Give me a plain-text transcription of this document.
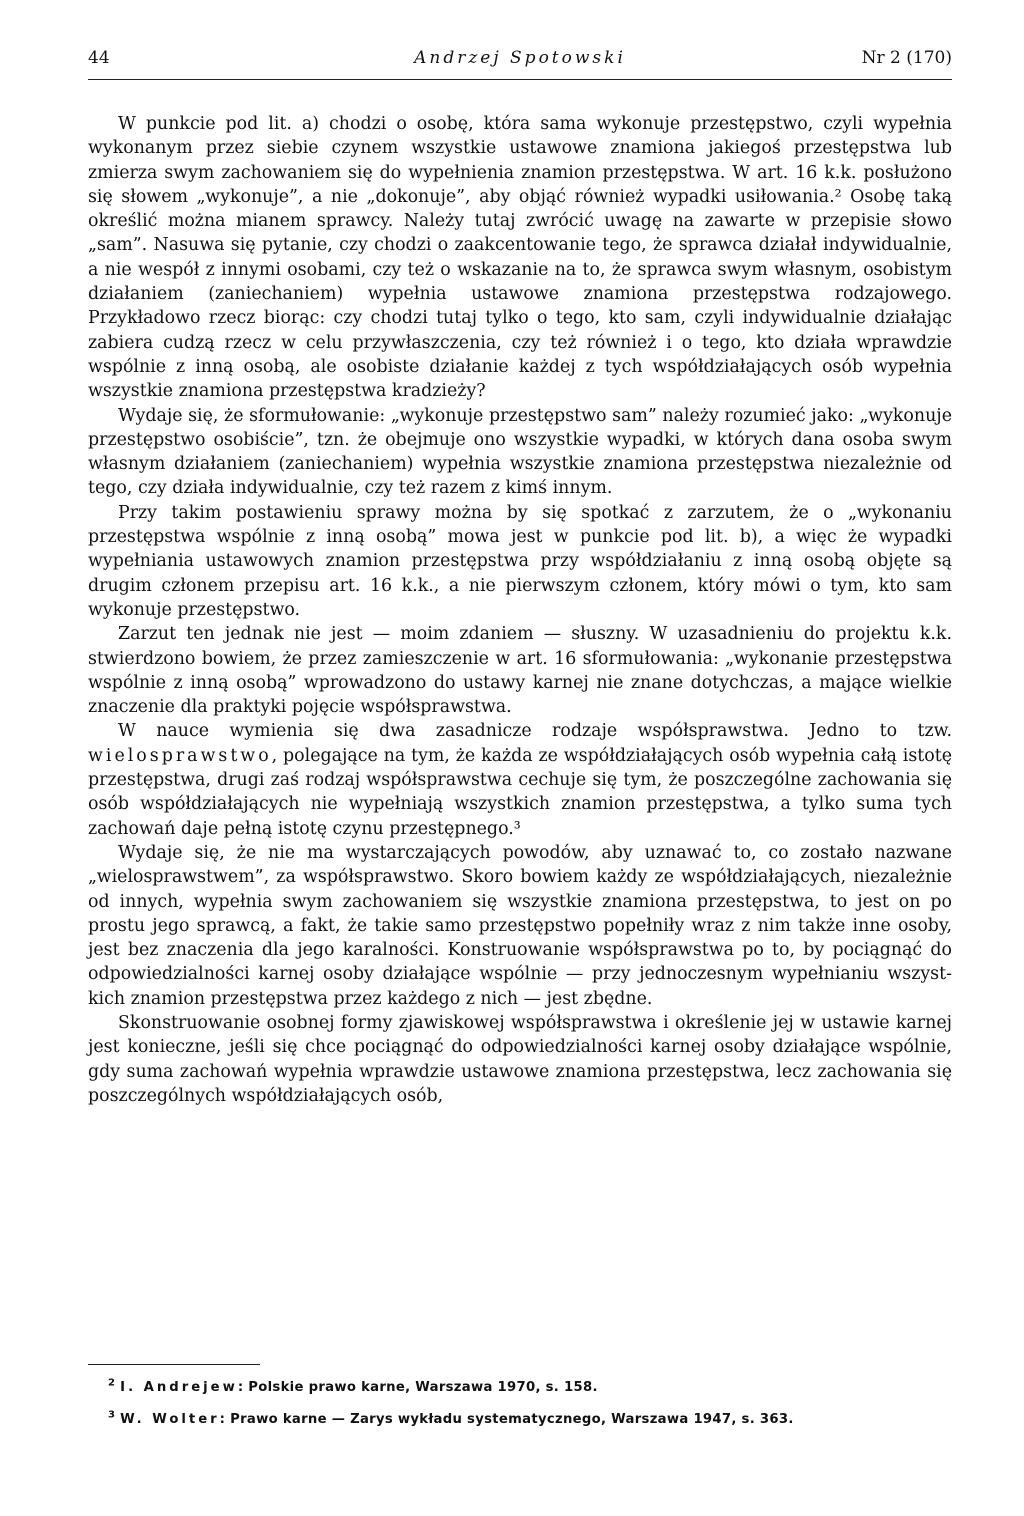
44	Andrzej Spotowski	Nr 2 (170)

W punkcie pod lit. a) chodzi o osobę, która sama wykonuje przestępstwo, czyli wypełnia wykonanym przez siebie czynem wszystkie ustawowe znamiona jakiegoś przestępstwa lub zmierza swym zachowaniem się do wypełnienia znamion przestępstwa. W art. 16 k.k. posłużono się słowem „wykonuje”, a nie „dokonuje”, aby objąć również wypadki usiłowania.² Osobę taką określić można mianem sprawcy. Należy tutaj zwrócić uwagę na zawarte w przepisie słowo „sam”. Nasuwa się pytanie, czy chodzi o zaakcentowanie tego, że sprawca działał indywidualnie, a nie wespół z innymi osobami, czy też o wskazanie na to, że sprawca swym własnym, osobistym działaniem (zaniechaniem) wypełnia ustawowe znamiona przestępstwa rodzajowego. Przykładowo rzecz biorąc: czy chodzi tutaj tylko o tego, kto sam, czyli indywidualnie działając zabiera cudzą rzecz w celu przywłaszczenia, czy też również i o tego, kto działa wprawdzie wspólnie z inną osobą, ale osobiste działanie każdej z tych współdziałających osób wypełnia wszystkie znamiona przestępstwa kradzieży?

Wydaje się, że sformułowanie: „wykonuje przestępstwo sam” należy rozumieć jako: „wykonuje przestępstwo osobiście”, tzn. że obejmuje ono wszystkie wypadki, w których dana osoba swym własnym działaniem (zaniechaniem) wypełnia wszystkie znamiona przestępstwa niezależnie od tego, czy działa indywidualnie, czy też razem z kimś innym.

Przy takim postawieniu sprawy można by się spotkać z zarzutem, że o „wykonaniu przestępstwa wspólnie z inną osobą” mowa jest w punkcie pod lit. b), a więc że wypadki wypełniania ustawowych znamion przestępstwa przy współdziałaniu z inną osobą objęte są drugim członem przepisu art. 16 k.k., a nie pierwszym członem, który mówi o tym, kto sam wykonuje przestępstwo.

Zarzut ten jednak nie jest — moim zdaniem — słuszny. W uzasadnieniu do projektu k.k. stwierdzono bowiem, że przez zamieszczenie w art. 16 sformułowania: „wykonanie przestępstwa wspólnie z inną osobą” wprowadzono do ustawy karnej nie znane dotychczas, a mające wielkie znaczenie dla praktyki pojęcie współsprawstwa.

W nauce wymienia się dwa zasadnicze rodzaje współsprawstwa. Jedno to tzw. wielosprawstwo, polegające na tym, że każda ze współdziałających osób wypełnia całą istotę przestępstwa, drugi zaś rodzaj współsprawstwa cechuje się tym, że poszczególne zachowania się osób współdziałających nie wypełniają wszystkich znamion przestępstwa, a tylko suma tych zachowań daje pełną istotę czynu przestępnego.³

Wydaje się, że nie ma wystarczających powodów, aby uznawać to, co zostało nazwane „wielosprawstwem”, za współsprawstwo. Skoro bowiem każdy ze współdziałających, niezależnie od innych, wypełnia swym zachowaniem się wszystkie znamiona przestępstwa, to jest on po prostu jego sprawcą, a fakt, że takie samo przestępstwo popełniły wraz z nim także inne osoby, jest bez znaczenia dla jego karalności. Konstruowanie współsprawstwa po to, by pociągnąć do odpowiedzialności karnej osoby działające wspólnie — przy jednoczesnym wypełnianiu wszystkich znamion przestępstwa przez każdego z nich — jest zbędne.

Skonstruowanie osobnej formy zjawiskowej współsprawstwa i określenie jej w ustawie karnej jest konieczne, jeśli się chce pociągnąć do odpowiedzialności karnej osoby działające wspólnie, gdy suma zachowań wypełnia wprawdzie ustawowe znamiona przestępstwa, lecz zachowania się poszczególnych współdziałających osób,

$^2$ I. Andrejew: Polskie prawo karne, Warszawa 1970, s. 158.
$^3$ W. Wolter: Prawo karne — Zarys wykładu systematycznego, Warszawa 1947, s. 363.
